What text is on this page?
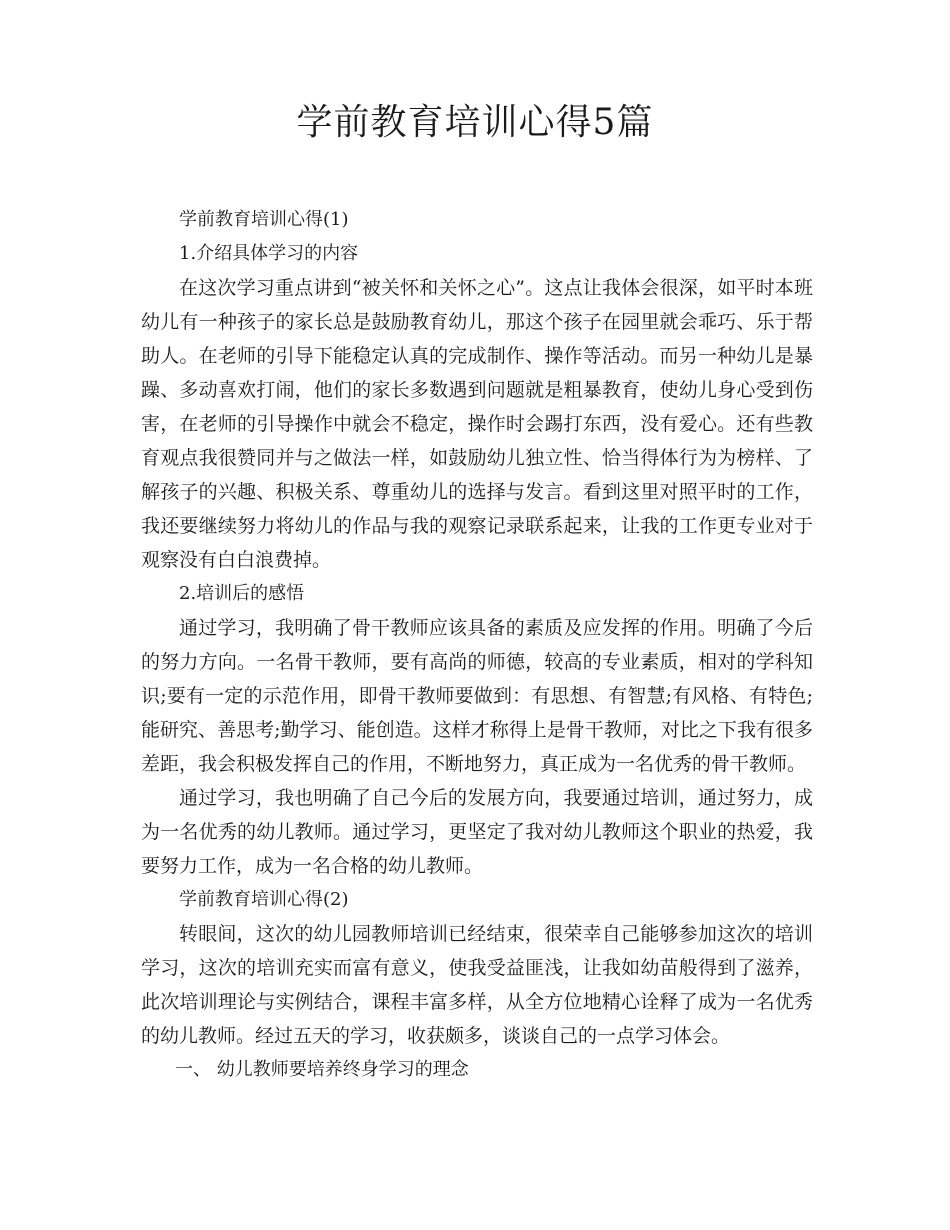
学前教育培训心得5篇

学前教育培训心得(1)

1.介绍具体学习的内容

在这次学习重点讲到“被关怀和关怀之心”。这点让我体会很深，如平时本班幼儿有一种孩子的家长总是鼓励教育幼儿，那这个孩子在园里就会乖巧、乐于帮助人。在老师的引导下能稳定认真的完成制作、操作等活动。而另一种幼儿是暴躁、多动喜欢打闹，他们的家长多数遇到问题就是粗暴教育，使幼儿身心受到伤害，在老师的引导操作中就会不稳定，操作时会踢打东西，没有爱心。还有些教育观点我很赞同并与之做法一样，如鼓励幼儿独立性、恰当得体行为为榜样、了解孩子的兴趣、积极关系、尊重幼儿的选择与发言。看到这里对照平时的工作，我还要继续努力将幼儿的作品与我的观察记录联系起来，让我的工作更专业对于观察没有白白浪费掉。

2.培训后的感悟

通过学习，我明确了骨干教师应该具备的素质及应发挥的作用。明确了今后的努力方向。一名骨干教师，要有高尚的师德，较高的专业素质，相对的学科知识;要有一定的示范作用，即骨干教师要做到：有思想、有智慧;有风格、有特色;能研究、善思考;勤学习、能创造。这样才称得上是骨干教师，对比之下我有很多差距，我会积极发挥自己的作用，不断地努力，真正成为一名优秀的骨干教师。

通过学习，我也明确了自己今后的发展方向，我要通过培训，通过努力，成为一名优秀的幼儿教师。通过学习，更坚定了我对幼儿教师这个职业的热爱，我要努力工作，成为一名合格的幼儿教师。

学前教育培训心得(2)

转眼间，这次的幼儿园教师培训已经结束，很荣幸自己能够参加这次的培训学习，这次的培训充实而富有意义，使我受益匪浅，让我如幼苗般得到了滋养，此次培训理论与实例结合，课程丰富多样，从全方位地精心诠释了成为一名优秀的幼儿教师。经过五天的学习，收获颇多，谈谈自己的一点学习体会。

一、 幼儿教师要培养终身学习的理念
